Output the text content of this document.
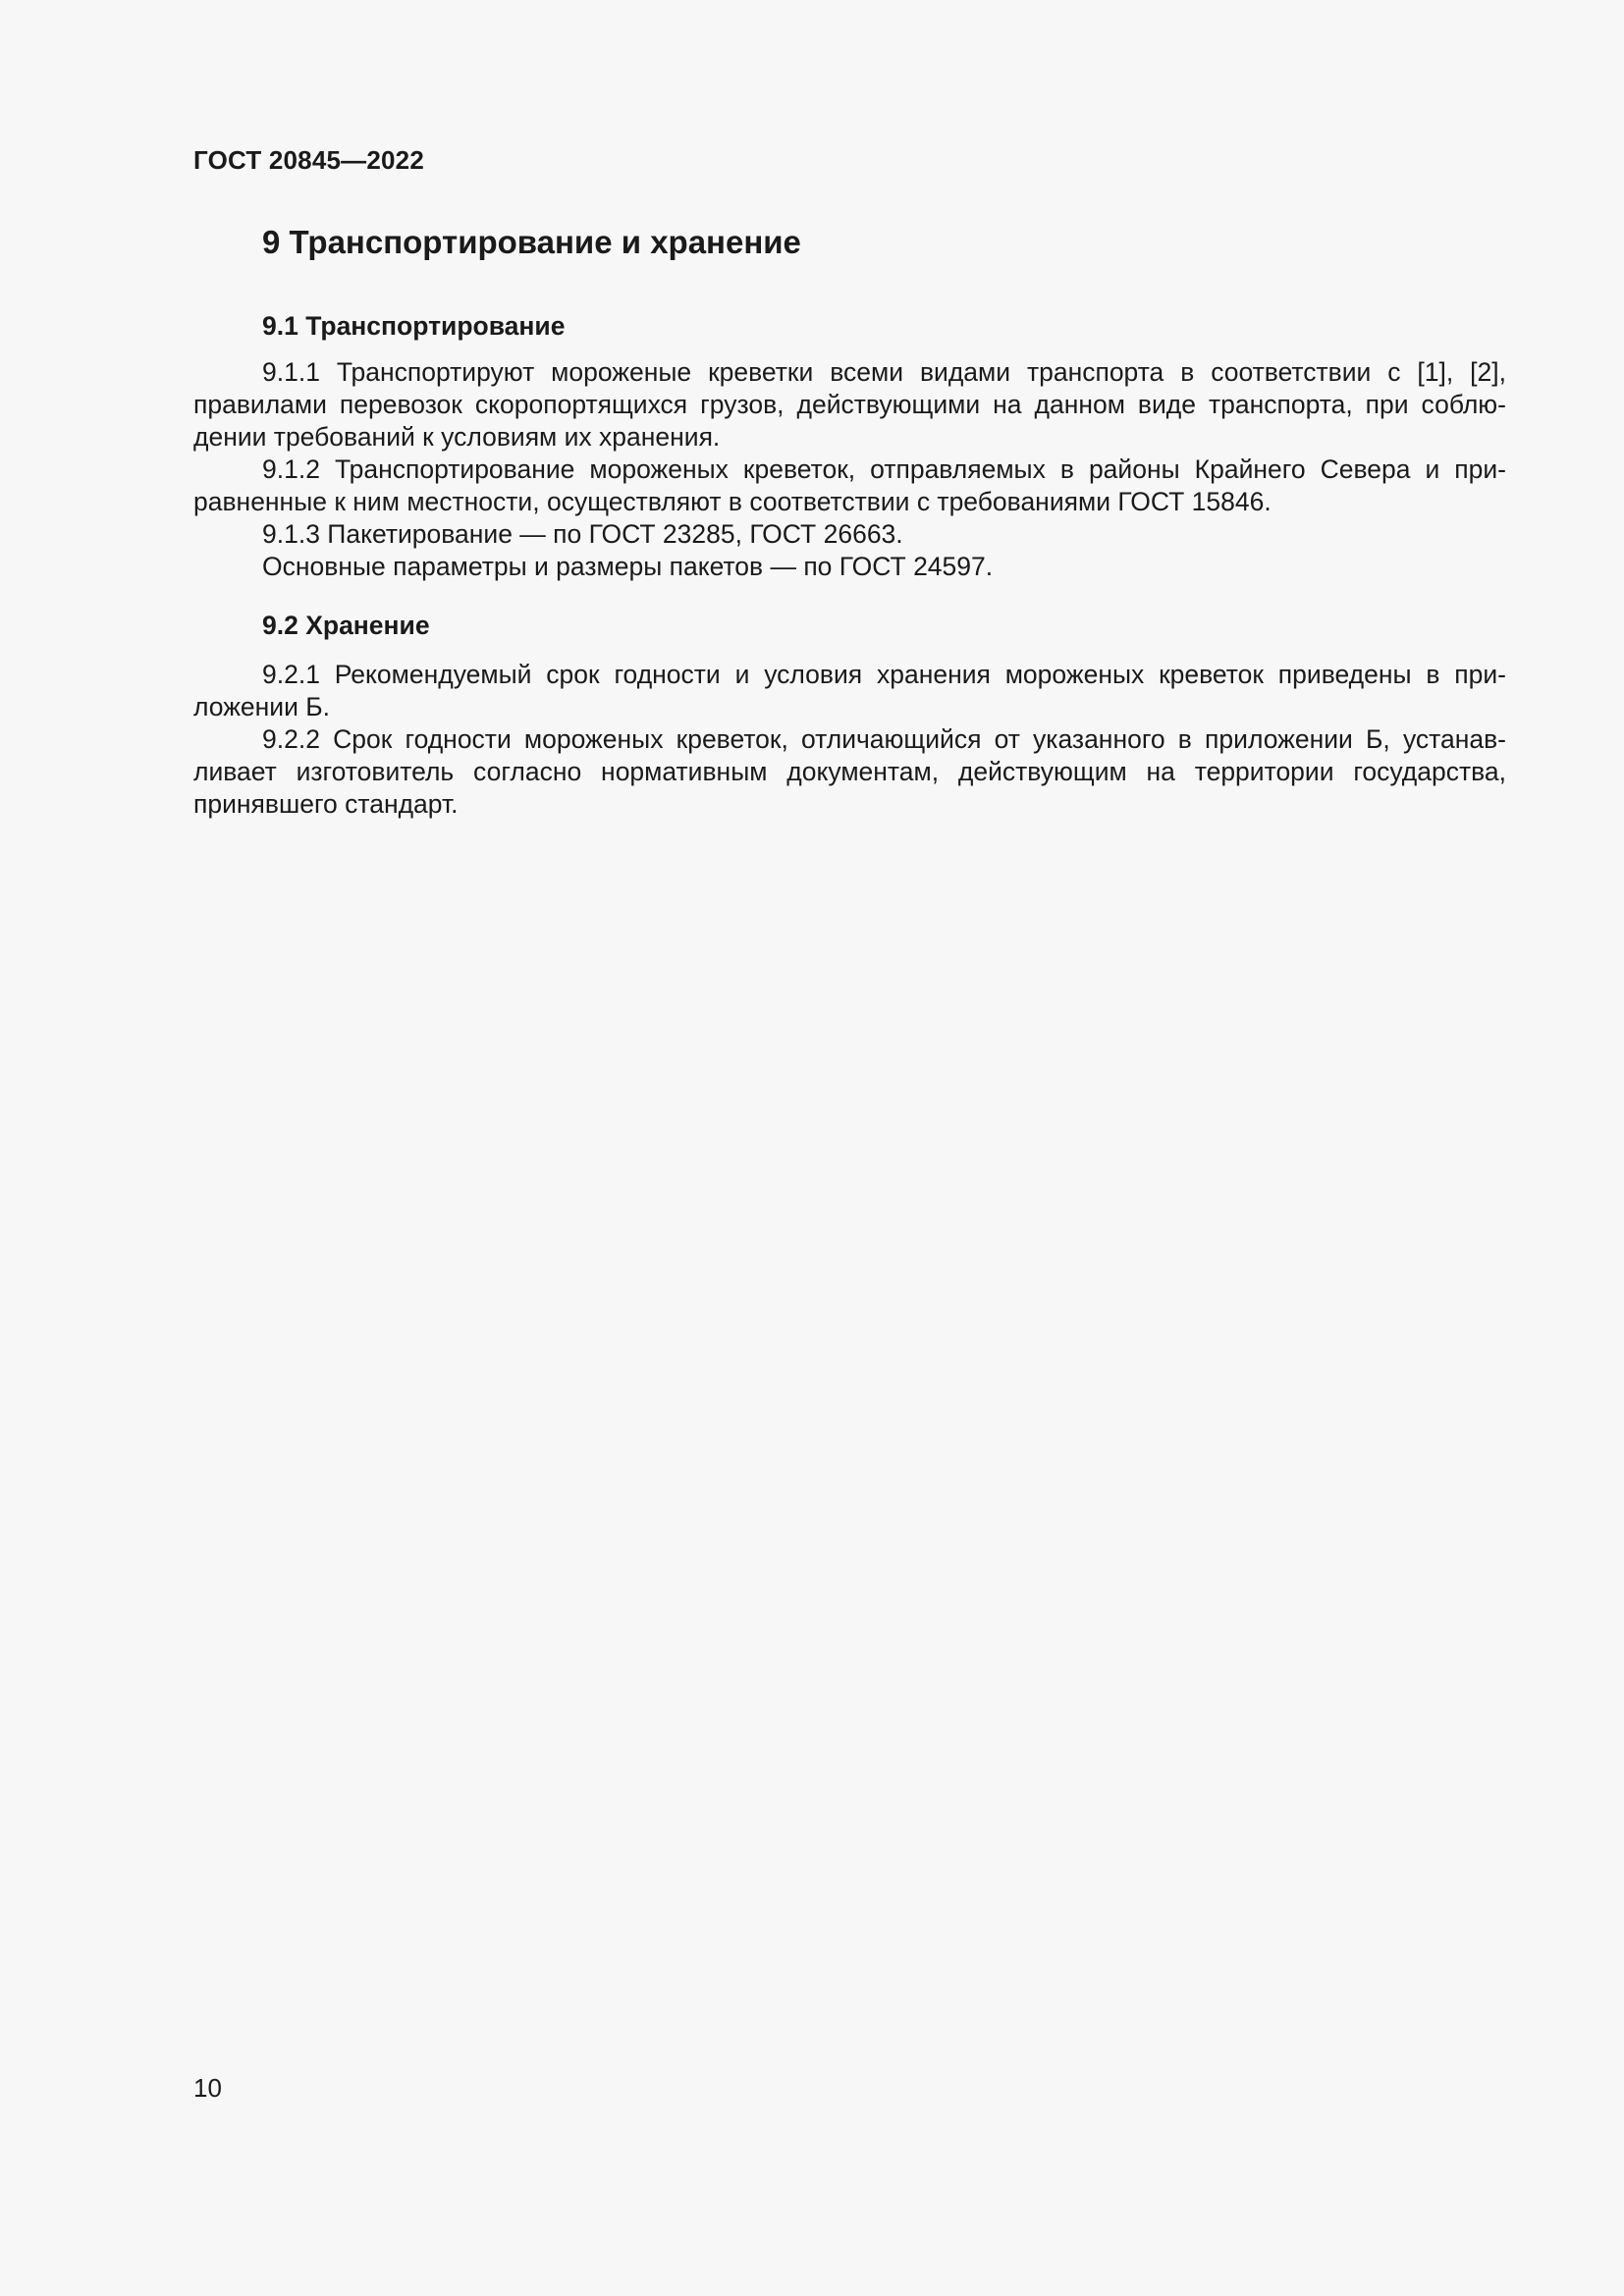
ГОСТ 20845—2022
9 Транспортирование и хранение
9.1 Транспортирование

9.1.1 Транспортируют мороженые креветки всеми видами транспорта в соответствии с [1], [2], правилами перевозок скоропортящихся грузов, действующими на данном виде транспорта, при соблю-дении требований к условиям их хранения.

9.1.2 Транспортирование мороженых креветок, отправляемых в районы Крайнего Севера и при-равненные к ним местности, осуществляют в соответствии с требованиями ГОСТ 15846.

9.1.3 Пакетирование — по ГОСТ 23285, ГОСТ 26663.

Основные параметры и размеры пакетов — по ГОСТ 24597.

9.2 Хранение

9.2.1 Рекомендуемый срок годности и условия хранения мороженых креветок приведены в при-ложении Б.

9.2.2 Срок годности мороженых креветок, отличающийся от указанного в приложении Б, устанав-ливает изготовитель согласно нормативным документам, действующим на территории государства, принявшего стандарт.

10
